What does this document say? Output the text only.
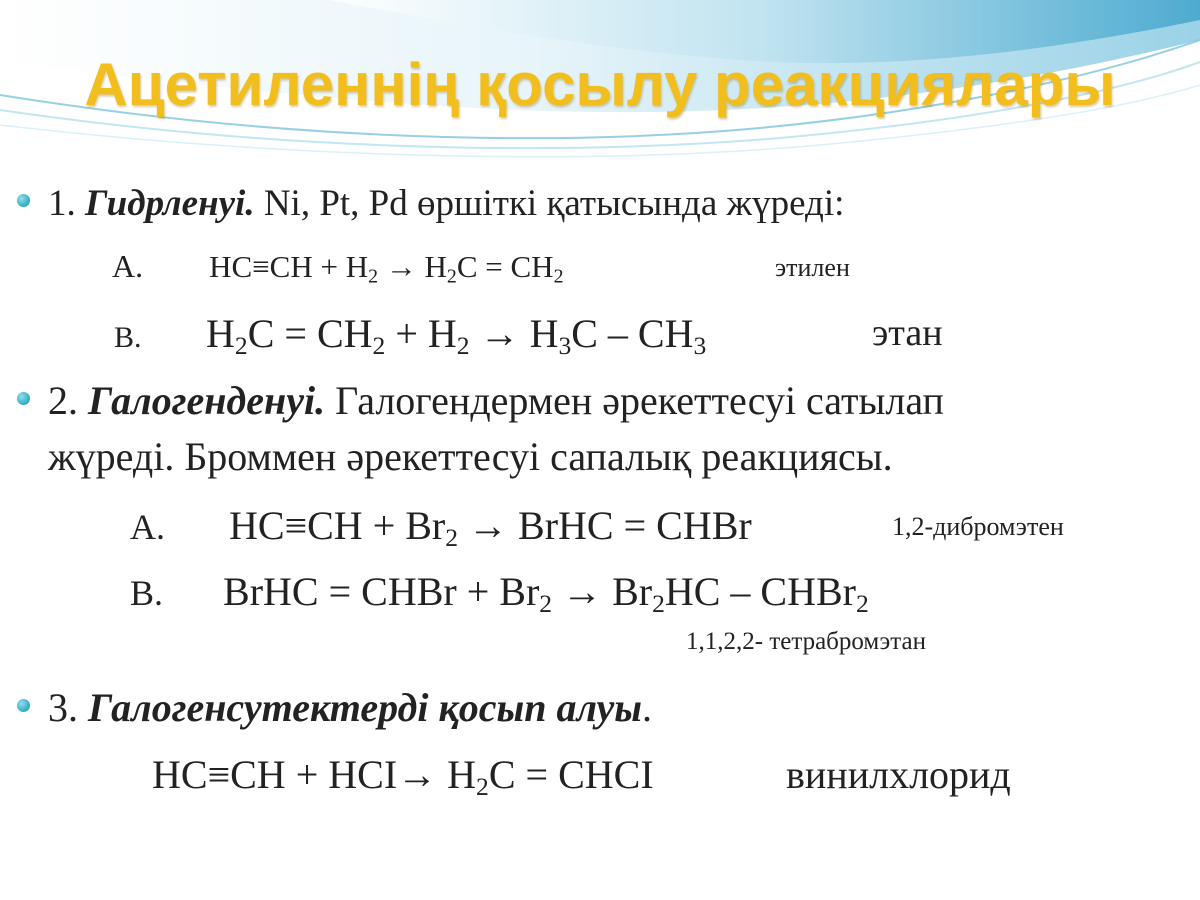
Ацетиленнің қосылу реакциялары
1. Гидрленуі. Ni, Pt, Pd өршіткі қатысында жүреді:
А. $HC\equiv CH + H_2 \to H_2C = CH_2$	этилен
В. $H_2C = CH_2 + H_2 \to H_3C - CH_3$	этан
2. Галогенденуі. Галогендермен әрекеттесуі сатылап
жүреді. Броммен әрекеттесуі сапалық реакциясы.
А. $HC\equiv CH + Br_2$ → BrHC = CHBr	1,2-дибромэтен
В. BrHC = CHBr + $Br_2 \to Br_2HC$ – CHBr$_2$
1,1,2,2- тетрабромэтан
3. Галогенсутектерді қосып алуы.
$HC\equiv CH + HCI\to H_2C$ = CHCI	винилхлорид
